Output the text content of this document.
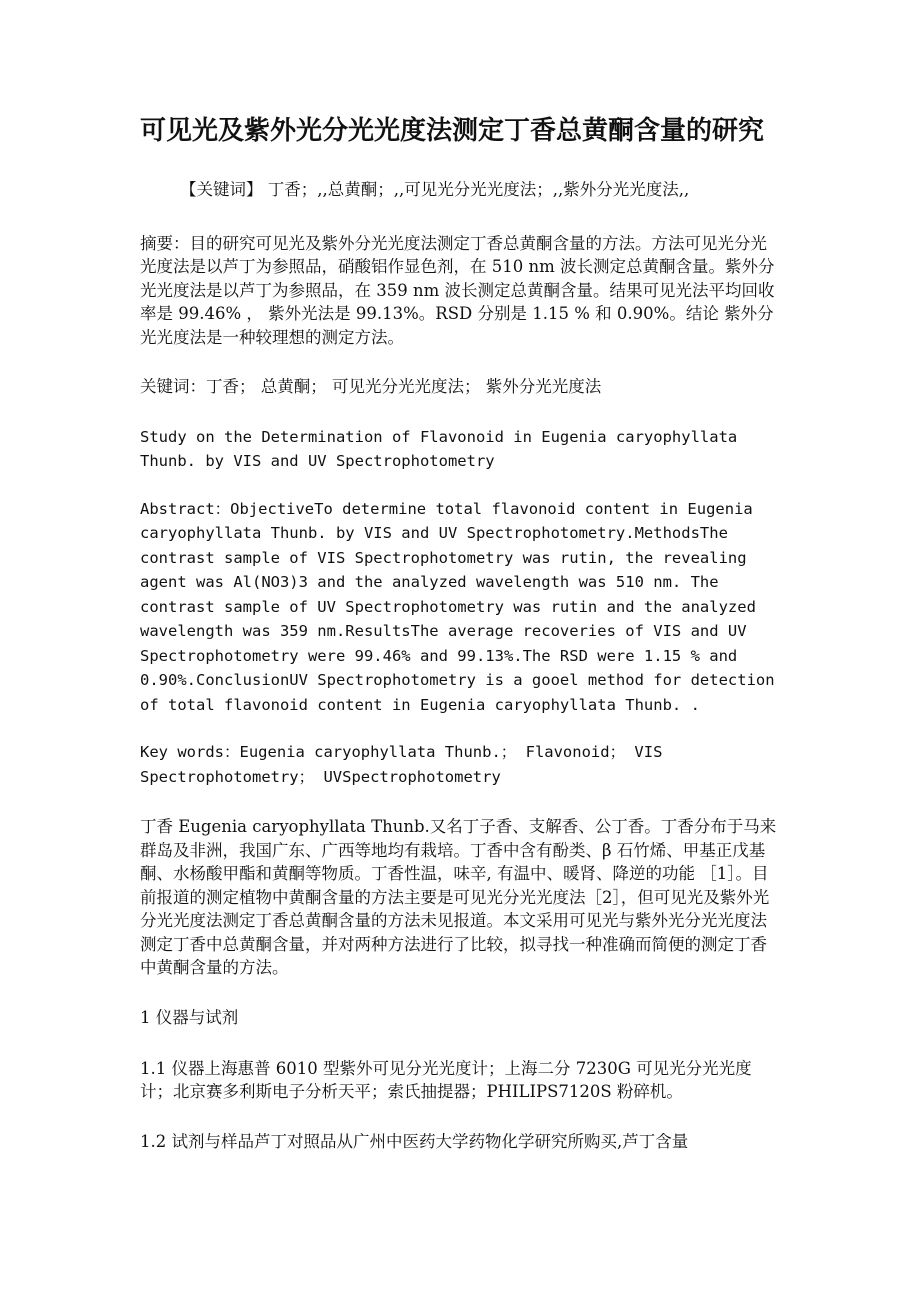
可见光及紫外光分光光度法测定丁香总黄酮含量的研究

【关键词】 丁香；,,总黄酮；,,可见光分光光度法；,,紫外分光光度法,,

摘要：目的研究可见光及紫外分光光度法测定丁香总黄酮含量的方法。方法可见光分光光度法是以芦丁为参照品，硝酸铝作显色剂，在 510 nm 波长测定总黄酮含量。紫外分光光度法是以芦丁为参照品，在 359 nm 波长测定总黄酮含量。结果可见光法平均回收率是 99.46% ， 紫外光法是 99.13%。RSD 分别是 1.15 % 和 0.90%。结论 紫外分光光度法是一种较理想的测定方法。

关键词：丁香； 总黄酮； 可见光分光光度法； 紫外分光光度法

Study on the Determination of Flavonoid in Eugenia caryophyllata Thunb. by VIS and UV Spectrophotometry

Abstract：ObjectiveTo determine total flavonoid content in Eugenia caryophyllata Thunb. by VIS and UV Spectrophotometry.MethodsThe contrast sample of VIS Spectrophotometry was rutin, the revealing agent was Al(NO3)3 and the analyzed wavelength was 510 nm. The contrast sample of UV Spectrophotometry was rutin and the analyzed wavelength was 359 nm.ResultsThe average recoveries of VIS and UV Spectrophotometry were 99.46% and 99.13%.The RSD were 1.15 % and 0.90%.ConclusionUV Spectrophotometry is a gooel method for detection of total flavonoid content in Eugenia caryophyllata Thunb. .

Key words：Eugenia caryophyllata Thunb.； Flavonoid； VIS Spectrophotometry； UVSpectrophotometry

丁香 Eugenia caryophyllata Thunb.又名丁子香、支解香、公丁香。丁香分布于马来群岛及非洲，我国广东、广西等地均有栽培。丁香中含有酚类、β 石竹烯、甲基正戊基酮、水杨酸甲酯和黄酮等物质。丁香性温，味辛, 有温中、暖肾、降逆的功能 ［1］。目前报道的测定植物中黄酮含量的方法主要是可见光分光光度法［2］，但可见光及紫外光分光光度法测定丁香总黄酮含量的方法未见报道。本文采用可见光与紫外光分光光度法测定丁香中总黄酮含量，并对两种方法进行了比较，拟寻找一种准确而简便的测定丁香中黄酮含量的方法。

1 仪器与试剂

1.1 仪器上海惠普 6010 型紫外可见分光光度计；上海二分 7230G 可见光分光光度计；北京赛多利斯电子分析天平；索氏抽提器；PHILIPS7120S 粉碎机。

1.2 试剂与样品芦丁对照品从广州中医药大学药物化学研究所购买,芦丁含量
